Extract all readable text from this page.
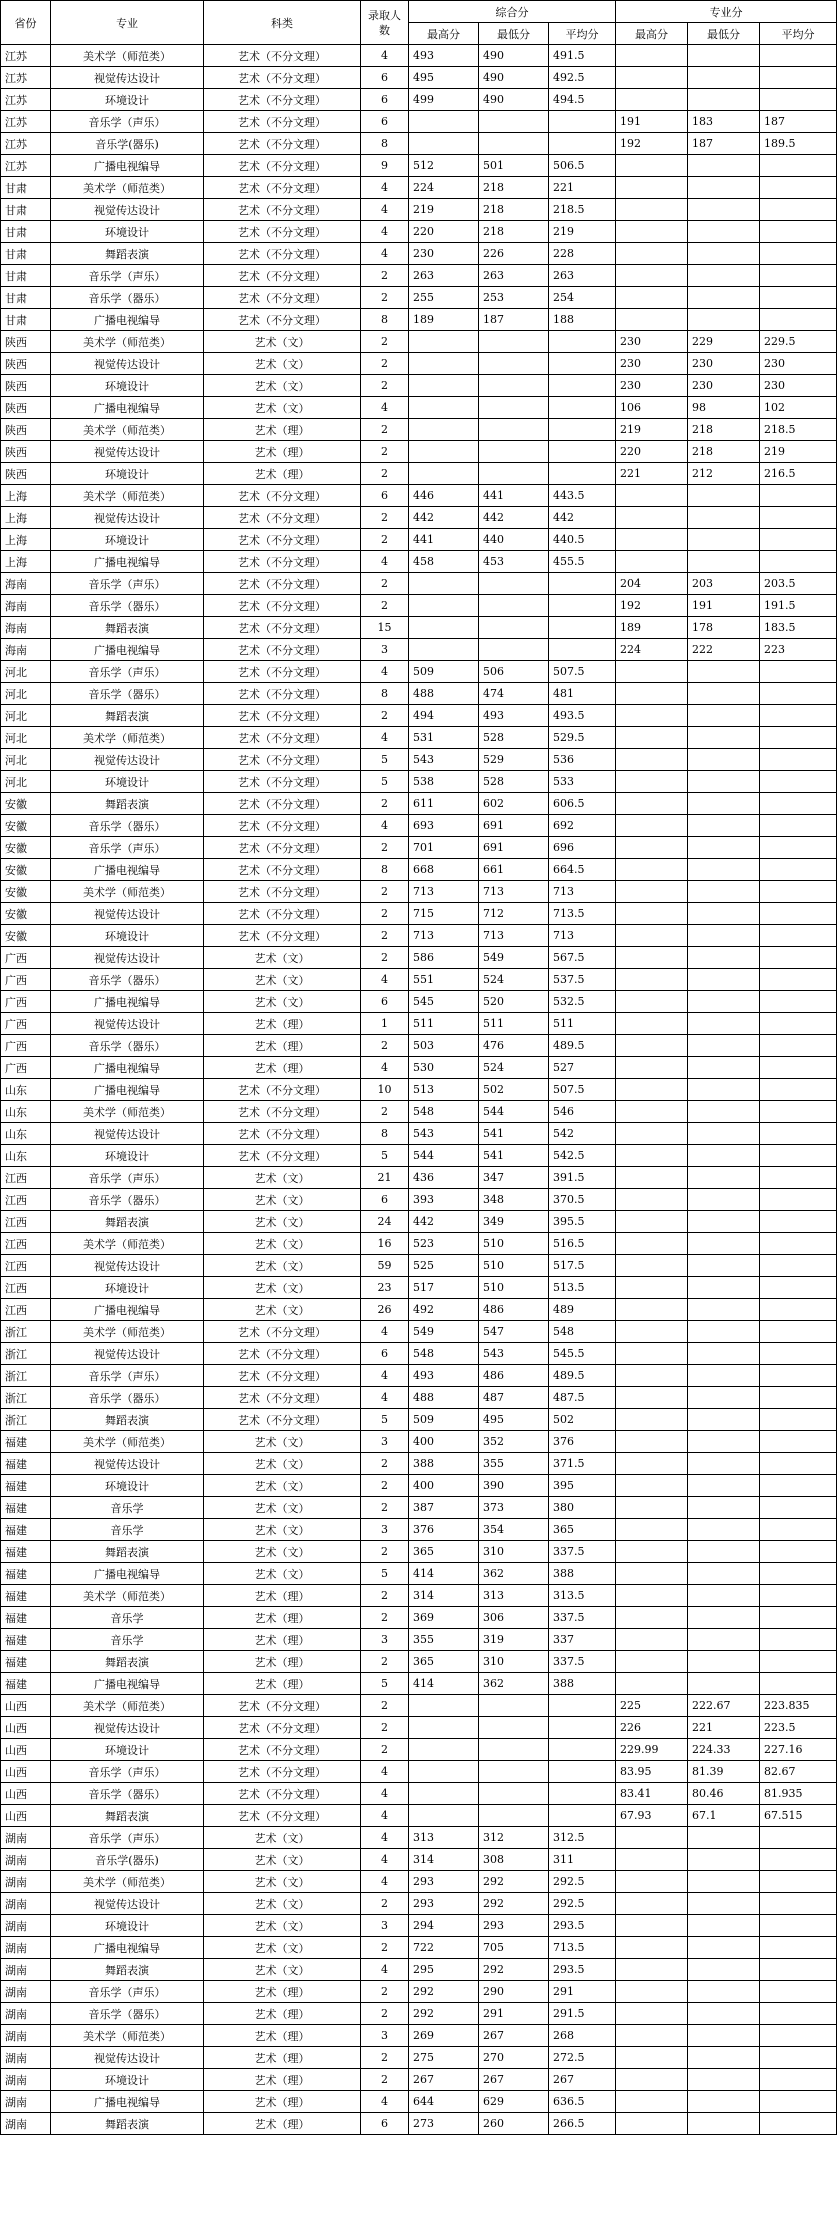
省份	专业	科类	录取人数	综合分			专业分		
				最高分	最低分	平均分	最高分	最低分	平均分
江苏	美术学（师范类）	艺术（不分文理）	4	493	490	491.5			
江苏	视觉传达设计	艺术（不分文理）	6	495	490	492.5			
江苏	环境设计	艺术（不分文理）	6	499	490	494.5			
江苏	音乐学（声乐）	艺术（不分文理）	6				191	183	187
江苏	音乐学(器乐)	艺术（不分文理）	8				192	187	189.5
江苏	广播电视编导	艺术（不分文理）	9	512	501	506.5			
甘肃	美术学（师范类）	艺术（不分文理）	4	224	218	221			
甘肃	视觉传达设计	艺术（不分文理）	4	219	218	218.5			
甘肃	环境设计	艺术（不分文理）	4	220	218	219			
甘肃	舞蹈表演	艺术（不分文理）	4	230	226	228			
甘肃	音乐学（声乐）	艺术（不分文理）	2	263	263	263			
甘肃	音乐学（器乐）	艺术（不分文理）	2	255	253	254			
甘肃	广播电视编导	艺术（不分文理）	8	189	187	188			
陕西	美术学（师范类）	艺术（文）	2				230	229	229.5
陕西	视觉传达设计	艺术（文）	2				230	230	230
陕西	环境设计	艺术（文）	2				230	230	230
陕西	广播电视编导	艺术（文）	4				106	98	102
陕西	美术学（师范类）	艺术（理）	2				219	218	218.5
陕西	视觉传达设计	艺术（理）	2				220	218	219
陕西	环境设计	艺术（理）	2				221	212	216.5
上海	美术学（师范类）	艺术（不分文理）	6	446	441	443.5			
上海	视觉传达设计	艺术（不分文理）	2	442	442	442			
上海	环境设计	艺术（不分文理）	2	441	440	440.5			
上海	广播电视编导	艺术（不分文理）	4	458	453	455.5			
海南	音乐学（声乐）	艺术（不分文理）	2				204	203	203.5
海南	音乐学（器乐）	艺术（不分文理）	2				192	191	191.5
海南	舞蹈表演	艺术（不分文理）	15				189	178	183.5
海南	广播电视编导	艺术（不分文理）	3				224	222	223
河北	音乐学（声乐）	艺术（不分文理）	4	509	506	507.5			
河北	音乐学（器乐）	艺术（不分文理）	8	488	474	481			
河北	舞蹈表演	艺术（不分文理）	2	494	493	493.5			
河北	美术学（师范类）	艺术（不分文理）	4	531	528	529.5			
河北	视觉传达设计	艺术（不分文理）	5	543	529	536			
河北	环境设计	艺术（不分文理）	5	538	528	533			
安徽	舞蹈表演	艺术（不分文理）	2	611	602	606.5			
安徽	音乐学（器乐）	艺术（不分文理）	4	693	691	692			
安徽	音乐学（声乐）	艺术（不分文理）	2	701	691	696			
安徽	广播电视编导	艺术（不分文理）	8	668	661	664.5			
安徽	美术学（师范类）	艺术（不分文理）	2	713	713	713			
安徽	视觉传达设计	艺术（不分文理）	2	715	712	713.5			
安徽	环境设计	艺术（不分文理）	2	713	713	713			
广西	视觉传达设计	艺术（文）	2	586	549	567.5			
广西	音乐学（器乐）	艺术（文）	4	551	524	537.5			
广西	广播电视编导	艺术（文）	6	545	520	532.5			
广西	视觉传达设计	艺术（理）	1	511	511	511			
广西	音乐学（器乐）	艺术（理）	2	503	476	489.5			
广西	广播电视编导	艺术（理）	4	530	524	527			
山东	广播电视编导	艺术（不分文理）	10	513	502	507.5			
山东	美术学（师范类）	艺术（不分文理）	2	548	544	546			
山东	视觉传达设计	艺术（不分文理）	8	543	541	542			
山东	环境设计	艺术（不分文理）	5	544	541	542.5			
江西	音乐学（声乐）	艺术（文）	21	436	347	391.5			
江西	音乐学（器乐）	艺术（文）	6	393	348	370.5			
江西	舞蹈表演	艺术（文）	24	442	349	395.5			
江西	美术学（师范类）	艺术（文）	16	523	510	516.5			
江西	视觉传达设计	艺术（文）	59	525	510	517.5			
江西	环境设计	艺术（文）	23	517	510	513.5			
江西	广播电视编导	艺术（文）	26	492	486	489			
浙江	美术学（师范类）	艺术（不分文理）	4	549	547	548			
浙江	视觉传达设计	艺术（不分文理）	6	548	543	545.5			
浙江	音乐学（声乐）	艺术（不分文理）	4	493	486	489.5			
浙江	音乐学（器乐）	艺术（不分文理）	4	488	487	487.5			
浙江	舞蹈表演	艺术（不分文理）	5	509	495	502			
福建	美术学（师范类）	艺术（文）	3	400	352	376			
福建	视觉传达设计	艺术（文）	2	388	355	371.5			
福建	环境设计	艺术（文）	2	400	390	395			
福建	音乐学	艺术（文）	2	387	373	380			
福建	音乐学	艺术（文）	3	376	354	365			
福建	舞蹈表演	艺术（文）	2	365	310	337.5			
福建	广播电视编导	艺术（文）	5	414	362	388			
福建	美术学（师范类）	艺术（理）	2	314	313	313.5			
福建	音乐学	艺术（理）	2	369	306	337.5			
福建	音乐学	艺术（理）	3	355	319	337			
福建	舞蹈表演	艺术（理）	2	365	310	337.5			
福建	广播电视编导	艺术（理）	5	414	362	388			
山西	美术学（师范类）	艺术（不分文理）	2				225	222.67	223.835
山西	视觉传达设计	艺术（不分文理）	2				226	221	223.5
山西	环境设计	艺术（不分文理）	2				229.99	224.33	227.16
山西	音乐学（声乐）	艺术（不分文理）	4				83.95	81.39	82.67
山西	音乐学（器乐）	艺术（不分文理）	4				83.41	80.46	81.935
山西	舞蹈表演	艺术（不分文理）	4				67.93	67.1	67.515
湖南	音乐学（声乐）	艺术（文）	4	313	312	312.5			
湖南	音乐学(器乐)	艺术（文）	4	314	308	311			
湖南	美术学（师范类）	艺术（文）	4	293	292	292.5			
湖南	视觉传达设计	艺术（文）	2	293	292	292.5			
湖南	环境设计	艺术（文）	3	294	293	293.5			
湖南	广播电视编导	艺术（文）	2	722	705	713.5			
湖南	舞蹈表演	艺术（文）	4	295	292	293.5			
湖南	音乐学（声乐）	艺术（理）	2	292	290	291			
湖南	音乐学（器乐）	艺术（理）	2	292	291	291.5			
湖南	美术学（师范类）	艺术（理）	3	269	267	268			
湖南	视觉传达设计	艺术（理）	2	275	270	272.5			
湖南	环境设计	艺术（理）	2	267	267	267			
湖南	广播电视编导	艺术（理）	4	644	629	636.5			
湖南	舞蹈表演	艺术（理）	6	273	260	266.5			
